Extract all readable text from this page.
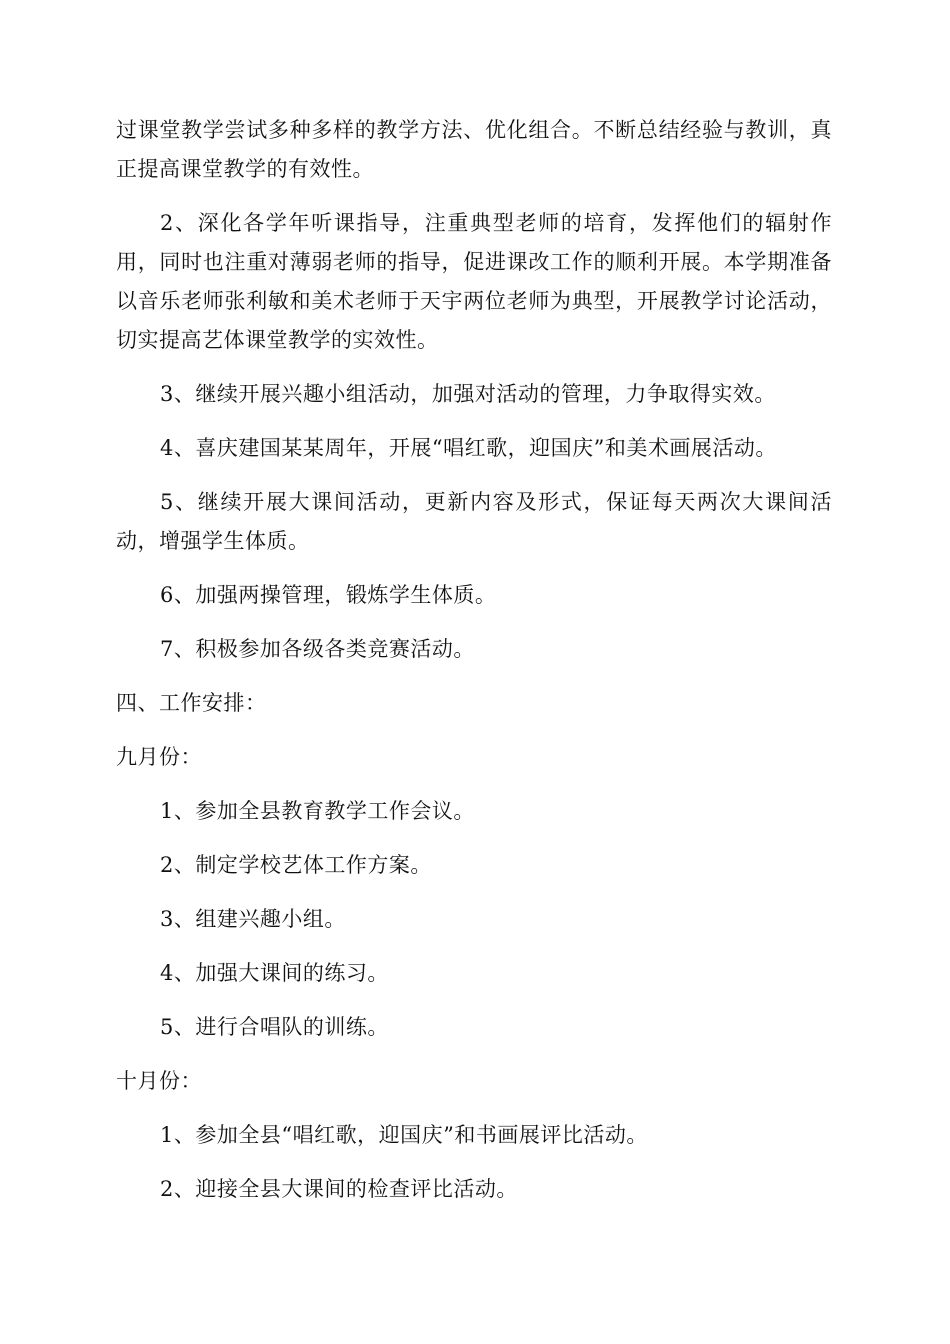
过课堂教学尝试多种多样的教学方法、优化组合。不断总结经验与教训，真正提高课堂教学的有效性。

2、深化各学年听课指导，注重典型老师的培育，发挥他们的辐射作用，同时也注重对薄弱老师的指导，促进课改工作的顺利开展。本学期准备以音乐老师张利敏和美术老师于天宇两位老师为典型，开展教学讨论活动，切实提高艺体课堂教学的实效性。

3、继续开展兴趣小组活动，加强对活动的管理，力争取得实效。

4、喜庆建国某某周年，开展“唱红歌，迎国庆”和美术画展活动。

5、继续开展大课间活动，更新内容及形式，保证每天两次大课间活动，增强学生体质。

6、加强两操管理，锻炼学生体质。

7、积极参加各级各类竞赛活动。

四、工作安排：

九月份：

1、参加全县教育教学工作会议。

2、制定学校艺体工作方案。

3、组建兴趣小组。

4、加强大课间的练习。

5、进行合唱队的训练。

十月份：

1、参加全县“唱红歌，迎国庆”和书画展评比活动。

2、迎接全县大课间的检查评比活动。
